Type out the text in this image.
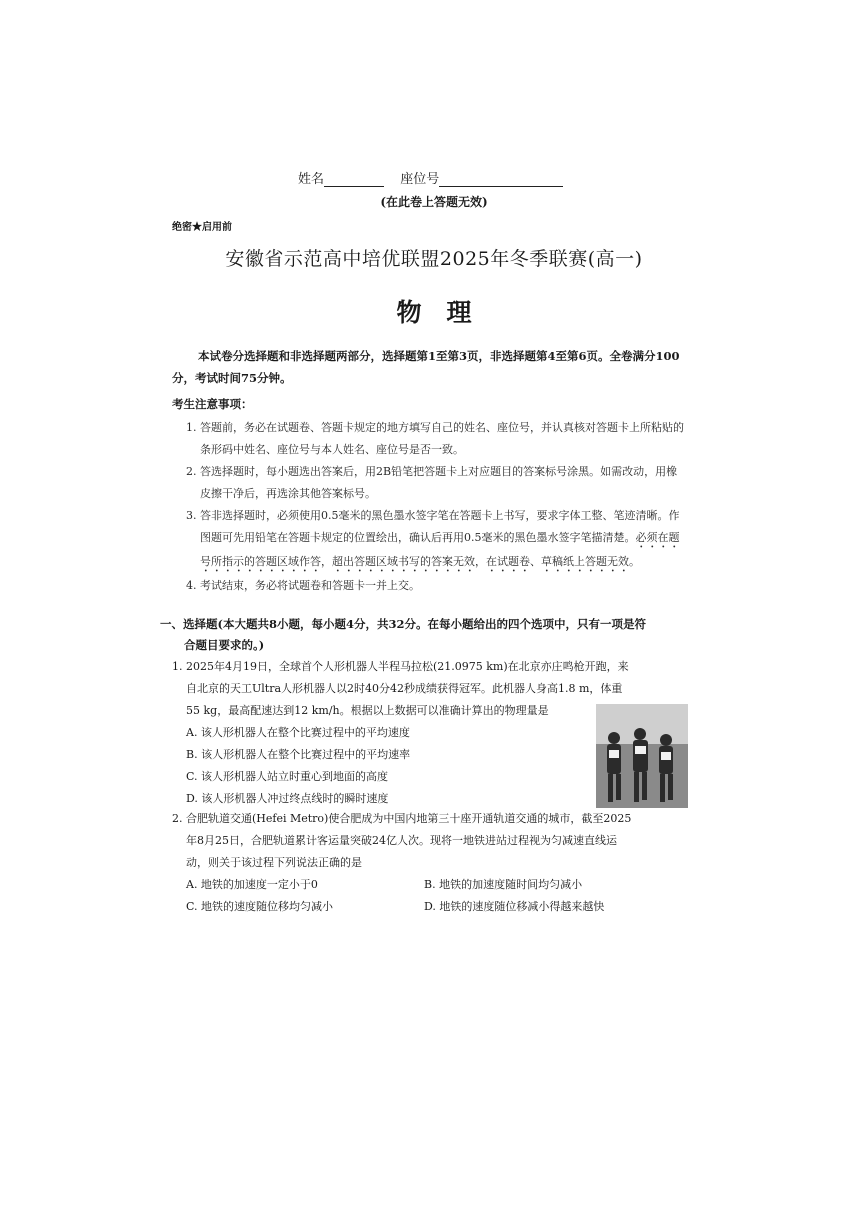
姓名	座位号
(在此卷上答题无效)
绝密★启用前
安徽省示范高中培优联盟2025年冬季联赛(高一)
物　理
本试卷分选择题和非选择题两部分，选择题第1至第3页，非选择题第4至第6页。全卷满分100分，考试时间75分钟。
考生注意事项：

1. 答题前，务必在试题卷、答题卡规定的地方填写自己的姓名、座位号，并认真核对答题卡上所粘贴的条形码中姓名、座位号与本人姓名、座位号是否一致。

2. 答选择题时，每小题选出答案后，用2B铅笔把答题卡上对应题目的答案标号涂黑。如需改动，用橡皮擦干净后，再选涂其他答案标号。

3. 答非选择题时，必须使用0.5毫米的黑色墨水签字笔在答题卡上书写，要求字体工整、笔迹清晰。作图题可先用铅笔在答题卡规定的位置绘出，确认后再用0.5毫米的黑色墨水签字笔描清楚。必须在题号所指示的答题区域作答，超出答题区域书写的答案无效，在试题卷、草稿纸上答题无效。

4. 考试结束，务必将试题卷和答题卡一并上交。

一、选择题(本大题共8小题，每小题4分，共32分。在每小题给出的四个选项中，只有一项是符
合题目要求的。)
1. 2025年4月19日，全球首个人形机器人半程马拉松(21.0975 km)在北京亦庄鸣枪开跑，来
自北京的天工Ultra人形机器人以2时40分42秒成绩获得冠军。此机器人身高1.8 m，体重
55 kg，最高配速达到12 km/h。根据以上数据可以准确计算出的物理量是
A. 该人形机器人在整个比赛过程中的平均速度
B. 该人形机器人在整个比赛过程中的平均速率
C. 该人形机器人站立时重心到地面的高度
D. 该人形机器人冲过终点线时的瞬时速度
2. 合肥轨道交通(Hefei Metro)使合肥成为中国内地第三十座开通轨道交通的城市，截至2025
年8月25日，合肥轨道累计客运量突破24亿人次。现将一地铁进站过程视为匀减速直线运
动，则关于该过程下列说法正确的是
A. 地铁的加速度一定小于0	B. 地铁的加速度随时间均匀减小
C. 地铁的速度随位移均匀减小	D. 地铁的速度随位移减小得越来越快
